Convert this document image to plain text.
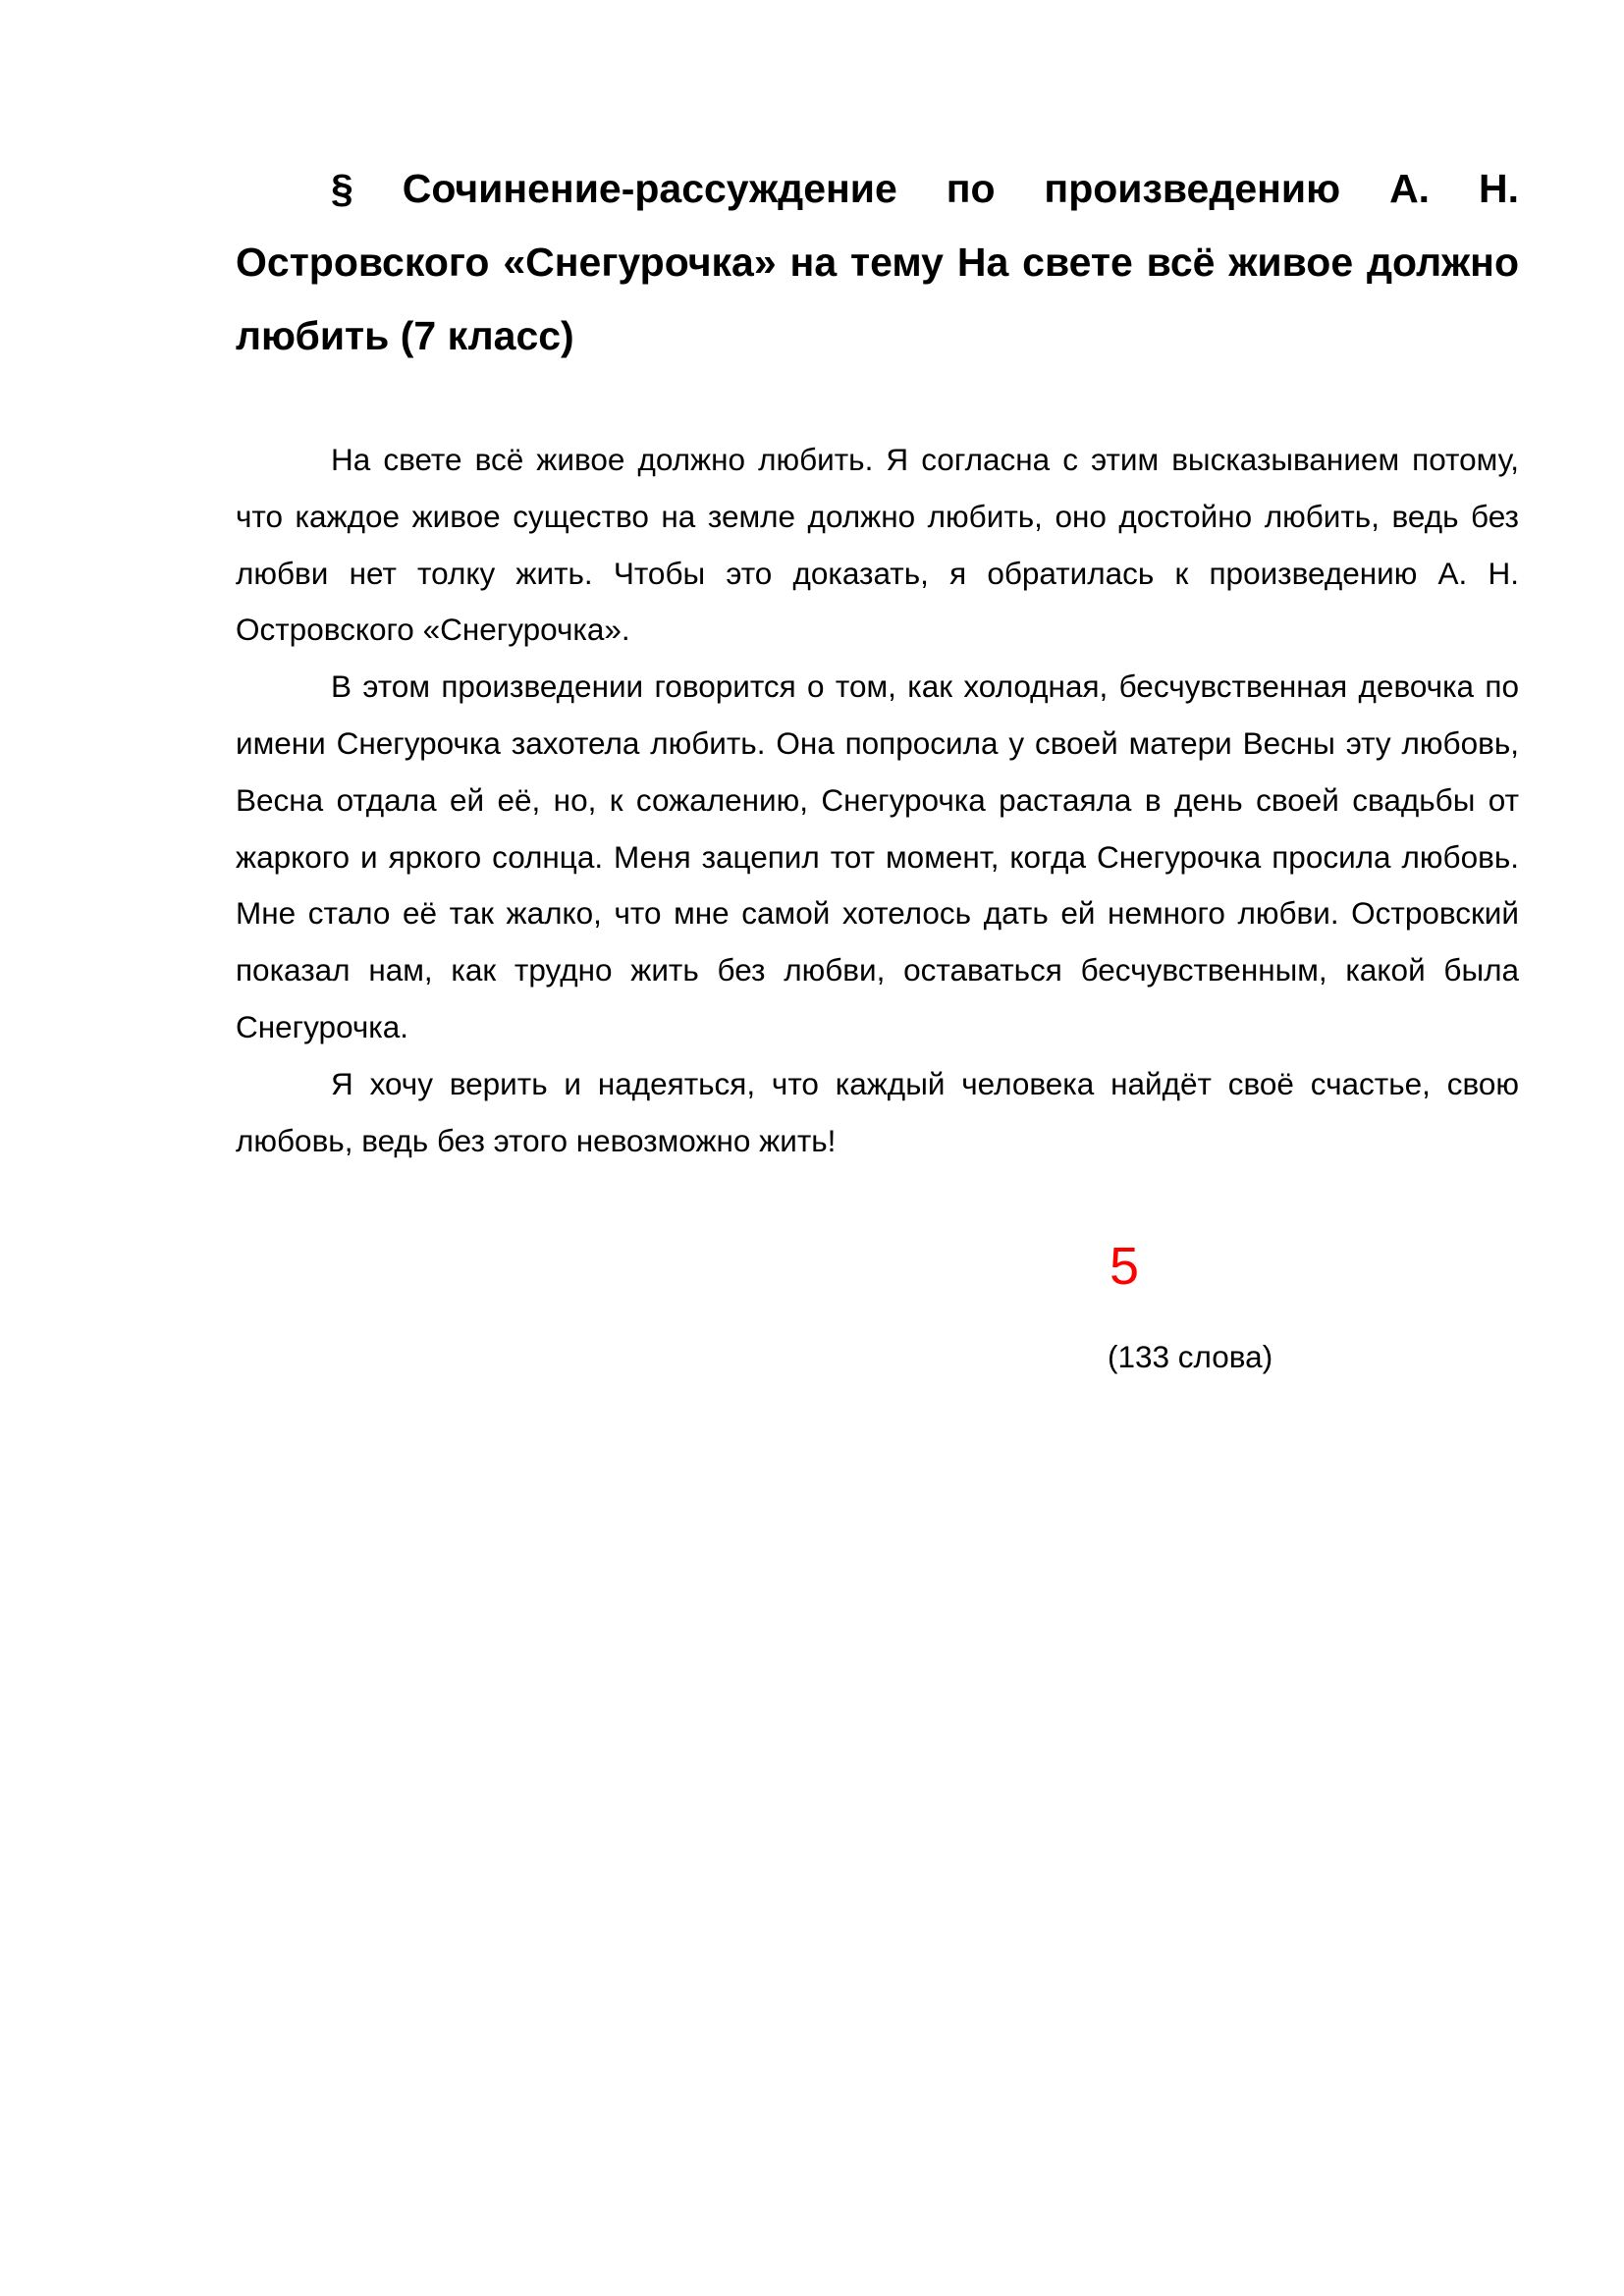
§ Сочинение-рассуждение по произведению А. Н. Островского «Снегурочка» на тему На свете всё живое должно любить (7 класс)

На свете всё живое должно любить. Я согласна с этим высказыванием потому, что каждое живое существо на земле должно любить, оно достойно любить, ведь без любви нет толку жить. Чтобы это доказать, я обратилась к произведению А. Н. Островского «Снегурочка».

В этом произведении говорится о том, как холодная, бесчувственная девочка по имени Снегурочка захотела любить. Она попросила у своей матери Весны эту любовь, Весна отдала ей её, но, к сожалению, Снегурочка растаяла в день своей свадьбы от жаркого и яркого солнца. Меня зацепил тот момент, когда Снегурочка просила любовь. Мне стало её так жалко, что мне самой хотелось дать ей немного любви. Островский показал нам, как трудно жить без любви, оставаться бесчувственным, какой была Снегурочка.

Я хочу верить и надеяться, что каждый человека найдёт своё счастье, свою любовь, ведь без этого невозможно жить!

5

(133 слова)
